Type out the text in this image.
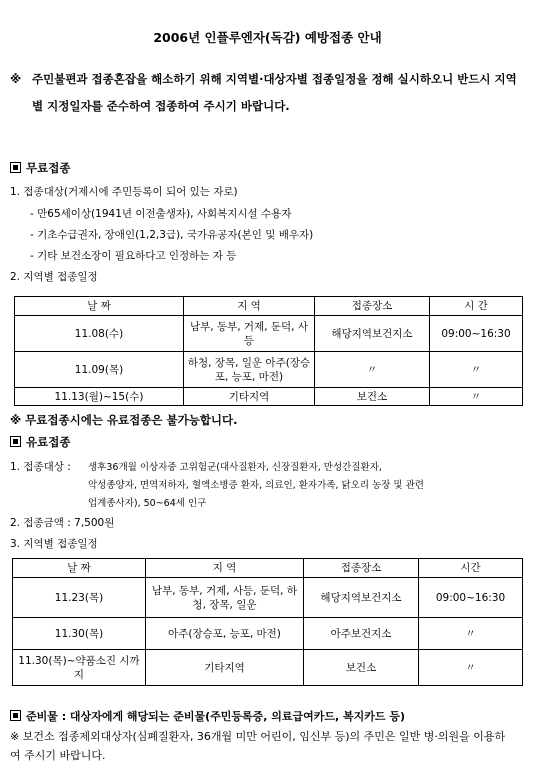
2006년 인플루엔자(독감) 예방접종 안내
※ 주민불편과 접종혼잡을 해소하기 위해 지역별·대상자별 접종일정을 정해 실시하오니 반드시 지역별 지정일자를 준수하여 접종하여 주시기 바랍니다.
무료접종
1. 접종대상(거제시에 주민등록이 되어 있는 자로)
- 만65세이상(1941년 이전출생자), 사회복지시설 수용자
- 기초수급권자, 장애인(1,2,3급), 국가유공자(본인 및 배우자)
- 기타 보건소장이 필요하다고 인정하는 자 등
2. 지역별 접종일정
날 짜	지 역	접종장소	시 간
11.08(수)	남부, 동부, 거제, 둔덕, 사등	해당지역보건지소	09:00~16:30
11.09(목)	하청, 장목, 일운 아주(장승포, 능포, 마전)	〃	〃
11.13(월)~15(수)	기타지역	보건소	〃
※ 무료접종시에는 유료접종은 불가능합니다.
유료접종
1. 접종대상 : 생후36개월 이상자중 고위험군(대사질환자, 신장질환자, 만성간질환자,
악성종양자, 면역저하자, 혈액소병증 환자, 의료인, 환자가족, 닭오리 농장 및 관련
업계종사자), 50~64세 인구
2. 접종금액 : 7,500원
3. 지역별 접종일정
날 짜	지 역	접종장소	시간
11.23(목)	남부, 동부, 거제, 사등, 둔덕, 하청, 장목, 일운	해당지역보건지소	09:00~16:30
11.30(목)	아주(장승포, 능포, 마전)	아주보건지소	〃
11.30(목)~약품소진 시까지	기타지역	보건소	〃
준비물 : 대상자에게 해당되는 준비물(주민등록증, 의료급여카드, 복지카드 등)
※ 보건소 접종제외대상자(심폐질환자, 36개월 미만 어린이, 임신부 등)의 주민은 일반 병·의원을 이용하여 주시기 바랍니다.
